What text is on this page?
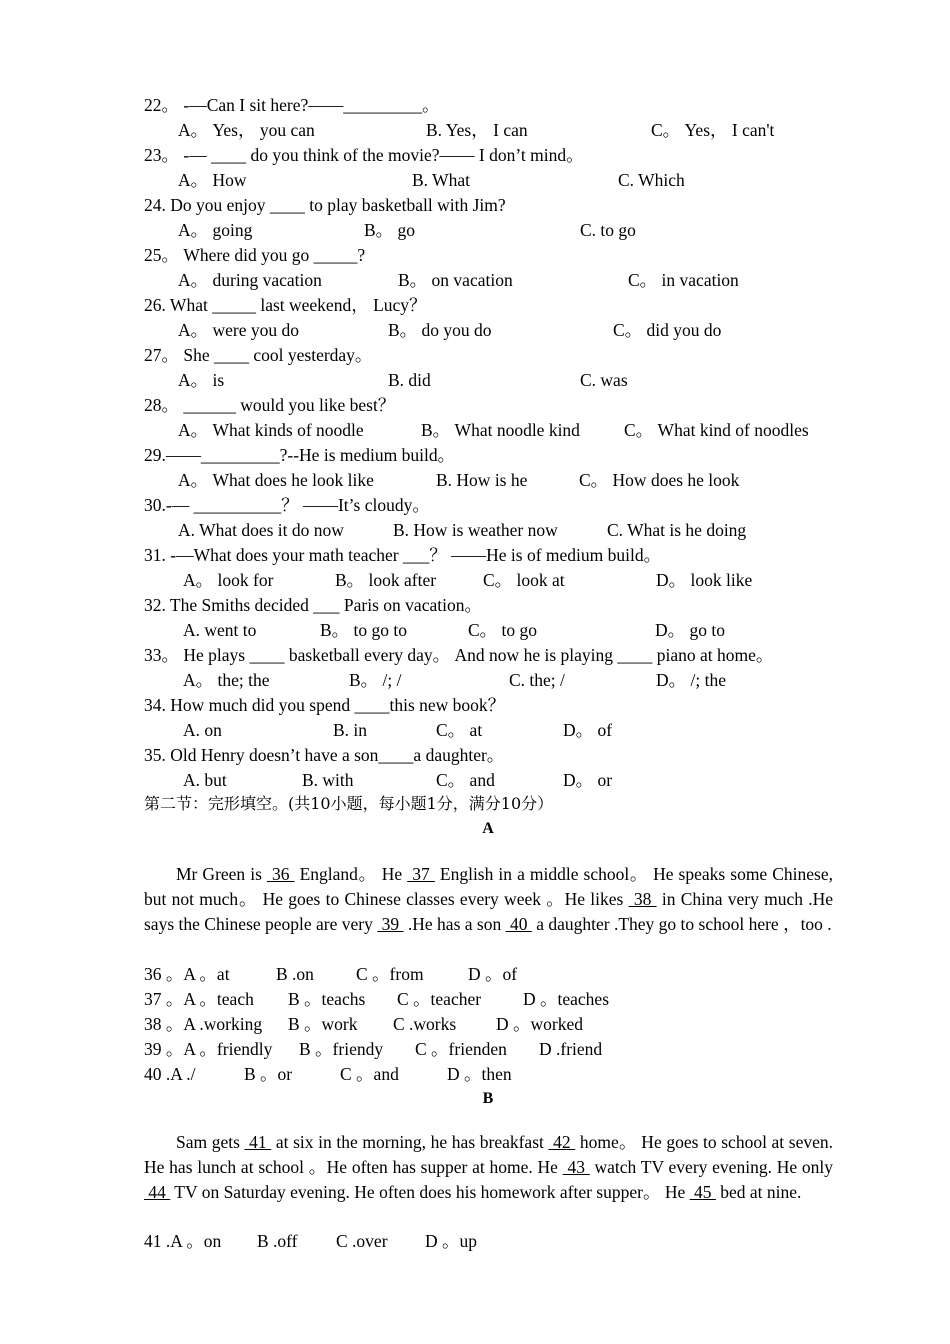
22。 -—Can I sit here?——_________。
A。 Yes， you can	B. Yes， I can	C。 Yes， I can't
23。 -— ____ do you think of the movie?—— I don’t mind。
A。 How	B. What	C. Which
24. Do you enjoy ____ to play basketball with Jim?
A。 going	B。 go	C. to go
25。 Where did you go _____?
A。 during vacation	B。 on vacation	C。 in vacation
26. What _____ last weekend， Lucy？
A。 were you do	B。 do you do	C。 did you do
27。 She ____ cool yesterday。
A。 is	B. did	C. was
28。 ______ would you like best？
A。 What kinds of noodle	B。 What noodle kind	C。 What kind of noodles
29.——_________?--He is medium build。
A。 What does he look like	B. How is he	C。 How does he look
30.-— __________？ ——It’s cloudy。
A. What does it do now	B. How is weather now	C. What is he doing
31. -—What does your math teacher ___？ ——He is of medium build。
A。 look for	B。 look after	C。 look at	D。 look like
32. The Smiths decided ___ Paris on vacation。
A. went to	B。 to go to	C。 to go	D。 go to
33。 He plays ____ basketball every day。 And now he is playing ____ piano at home。
A。 the; the	B。 /; /	C. the; /	D。 /; the
34. How much did you spend ____this new book？
A. on	B. in	C。 at	D。 of
35. Old Henry doesn’t have a son____a daughter。
A. but	B. with	C。 and	D。 or
第二节：完形填空。(共10小题，每小题1分，满分10分）
A
Mr Green is  36  England。 He  37  English in a middle school。 He speaks some Chinese, but not much。 He goes to Chinese classes every week 。He likes  38  in China very much .He says the Chinese people are very  39  .He has a son  40  a daughter .They go to school here ，too .
36 。A 。at	B .on C 。from	D 。of
37 。A 。teach B 。teachs C 。teacher D 。teaches
38 。A .working B 。work C .works D 。worked
39 。A 。friendly B 。friendy C 。frienden D .friend
40 .A ./	B 。or	C 。and	D 。then
B
Sam gets  41  at six in the morning, he has breakfast  42  home。 He goes to school at seven. He has lunch at school 。He often has supper at home. He  43  watch TV every evening. He only  44  TV on Saturday evening. He often does his homework after supper。 He  45  bed at nine.
41 .A 。on B .off C .over D 。up
